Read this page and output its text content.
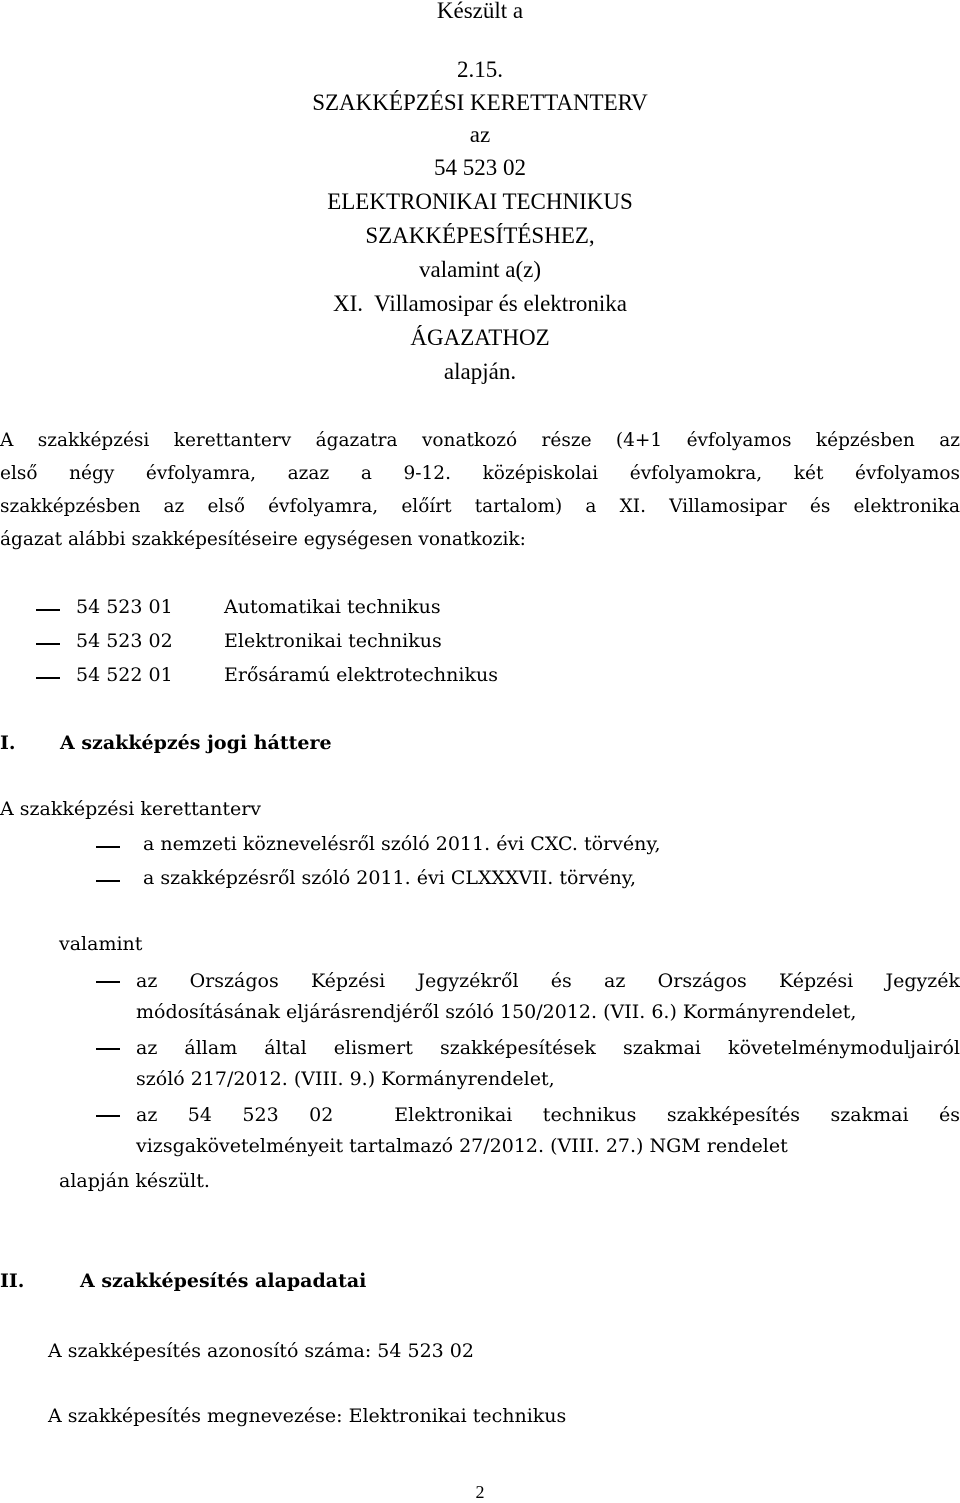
Készült a
2.15.
SZAKKÉPZÉSI KERETTANTERV
az
54 523 02
ELEKTRONIKAI TECHNIKUS
SZAKKÉPESÍTÉSHEZ,
valamint a(z)
XI.  Villamosipar és elektronika
ÁGAZATHOZ
alapján.
A szakképzési kerettanterv ágazatra vonatkozó része (4+1 évfolyamos képzésben az
első négy évfolyamra, azaz a 9-12. középiskolai évfolyamokra, két évfolyamos
szakképzésben az első évfolyamra, előírt tartalom) a XI. Villamosipar és elektronika
ágazat alábbi szakképesítéseire egységesen vonatkozik:
54 523 01	Automatikai technikus
54 523 02	Elektronikai technikus
54 522 01	Erősáramú elektrotechnikus
I. A szakképzés jogi háttere
A szakképzési kerettanterv
a nemzeti köznevelésről szóló 2011. évi CXC. törvény,
a szakképzésről szóló 2011. évi CLXXXVII. törvény,
valamint
az Országos Képzési Jegyzékről és az Országos Képzési Jegyzék
módosításának eljárásrendjéről szóló 150/2012. (VII. 6.) Kormányrendelet,
az állam által elismert szakképesítések szakmai követelménymoduljairól
szóló 217/2012. (VIII. 9.) Kormányrendelet,
az 54 523 02  Elektronikai technikus szakképesítés szakmai és
vizsgakövetelményeit tartalmazó 27/2012. (VIII. 27.) NGM rendelet
alapján készült.
II.	A szakképesítés alapadatai
A szakképesítés azonosító száma: 54 523 02
A szakképesítés megnevezése: Elektronikai technikus
2
